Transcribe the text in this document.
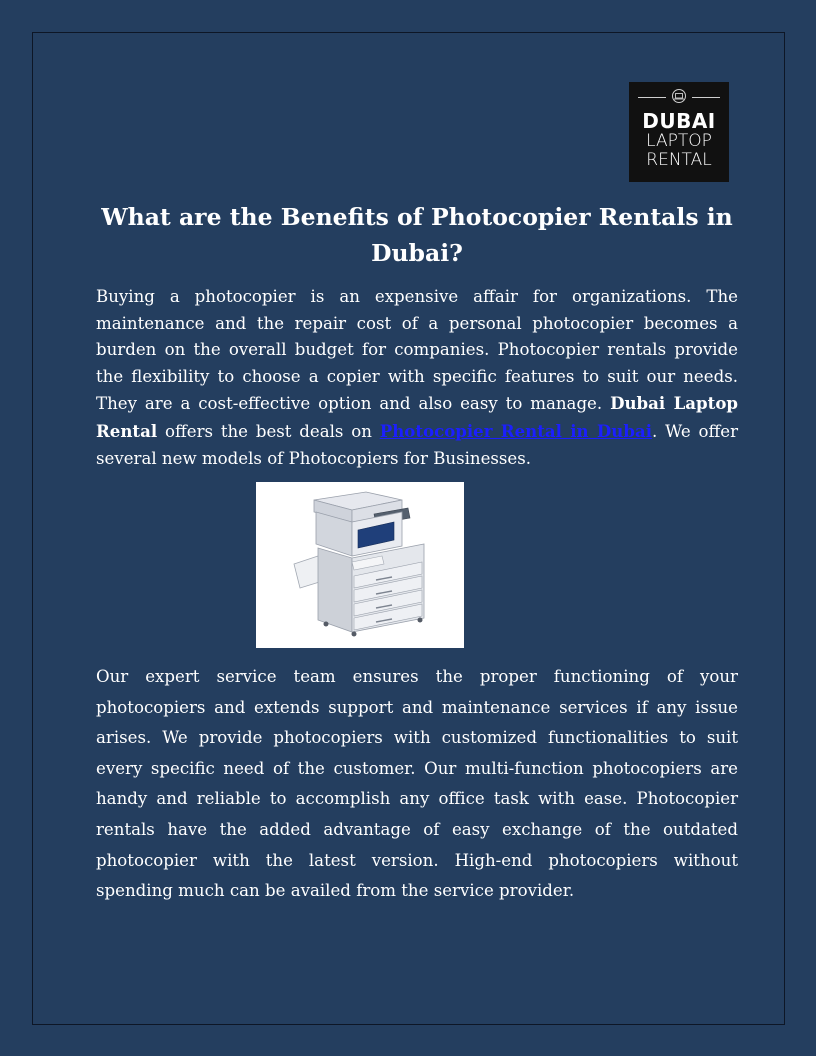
DUBAI
LAPTOP
RENTAL
What are the Benefits of Photocopier Rentals in Dubai?

Buying a photocopier is an expensive affair for organizations. The maintenance and the repair cost of a personal photocopier becomes a burden on the overall budget for companies. Photocopier rentals provide the flexibility to choose a copier with specific features to suit our needs. They are a cost-effective option and also easy to manage. Dubai Laptop Rental offers the best deals on Photocopier Rental in Dubai. We offer several new models of Photocopiers for Businesses.

Our expert service team ensures the proper functioning of your photocopiers and extends support and maintenance services if any issue arises. We provide photocopiers with customized functionalities to suit every specific need of the customer. Our multi-function photocopiers are handy and reliable to accomplish any office task with ease. Photocopier rentals have the added advantage of easy exchange of the outdated photocopier with the latest version. High-end photocopiers without spending much can be availed from the service provider.
